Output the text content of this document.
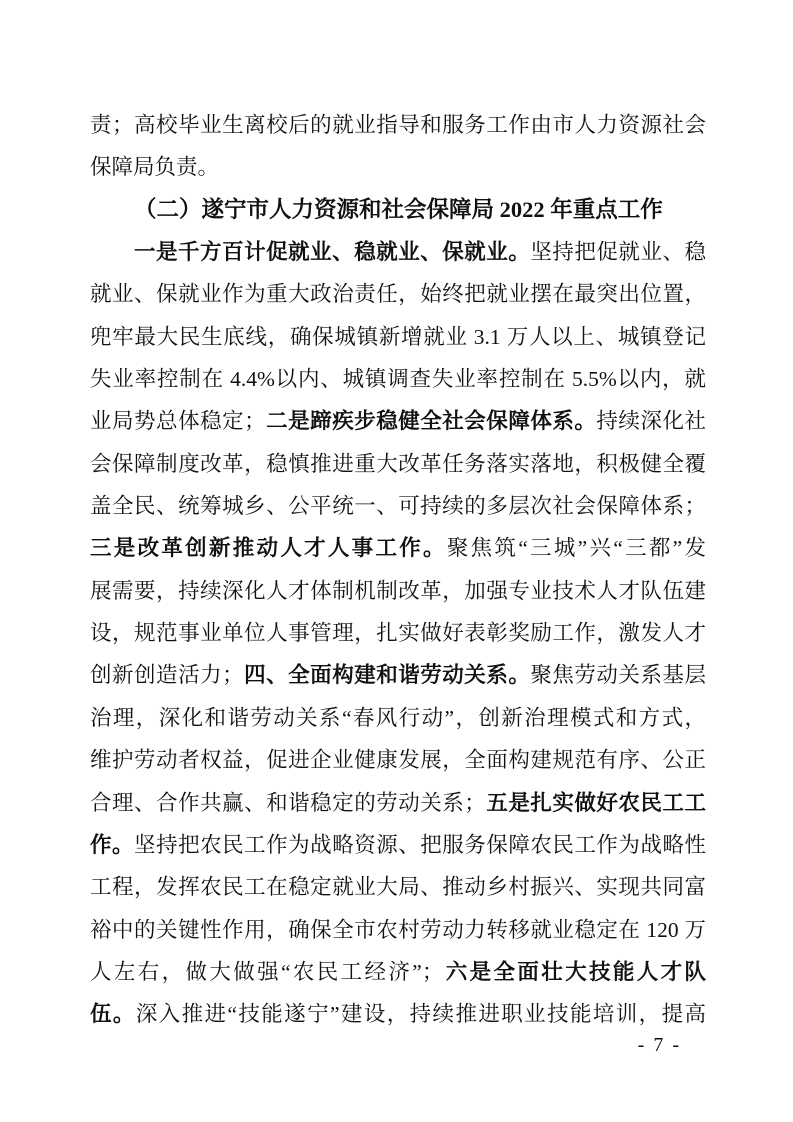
责；高校毕业生离校后的就业指导和服务工作由市人力资源社会
保障局负责。
（二）遂宁市人力资源和社会保障局 2022 年重点工作
一是千方百计促就业、稳就业、保就业。坚持把促就业、稳
就业、保就业作为重大政治责任，始终把就业摆在最突出位置，
兜牢最大民生底线，确保城镇新增就业 3.1 万人以上、城镇登记
失业率控制在 4.4%以内、城镇调查失业率控制在 5.5%以内，就
业局势总体稳定；二是蹄疾步稳健全社会保障体系。持续深化社
会保障制度改革，稳慎推进重大改革任务落实落地，积极健全覆
盖全民、统筹城乡、公平统一、可持续的多层次社会保障体系；
三是改革创新推动人才人事工作。聚焦筑“三城”兴“三都”发
展需要，持续深化人才体制机制改革，加强专业技术人才队伍建
设，规范事业单位人事管理，扎实做好表彰奖励工作，激发人才
创新创造活力；四、全面构建和谐劳动关系。聚焦劳动关系基层
治理，深化和谐劳动关系“春风行动”，创新治理模式和方式，
维护劳动者权益，促进企业健康发展，全面构建规范有序、公正
合理、合作共赢、和谐稳定的劳动关系；五是扎实做好农民工工
作。坚持把农民工作为战略资源、把服务保障农民工作为战略性
工程，发挥农民工在稳定就业大局、推动乡村振兴、实现共同富
裕中的关键性作用，确保全市农村劳动力转移就业稳定在 120 万
人左右，做大做强“农民工经济”；六是全面壮大技能人才队
伍。深入推进“技能遂宁”建设，持续推进职业技能培训，提高
- 7 -
